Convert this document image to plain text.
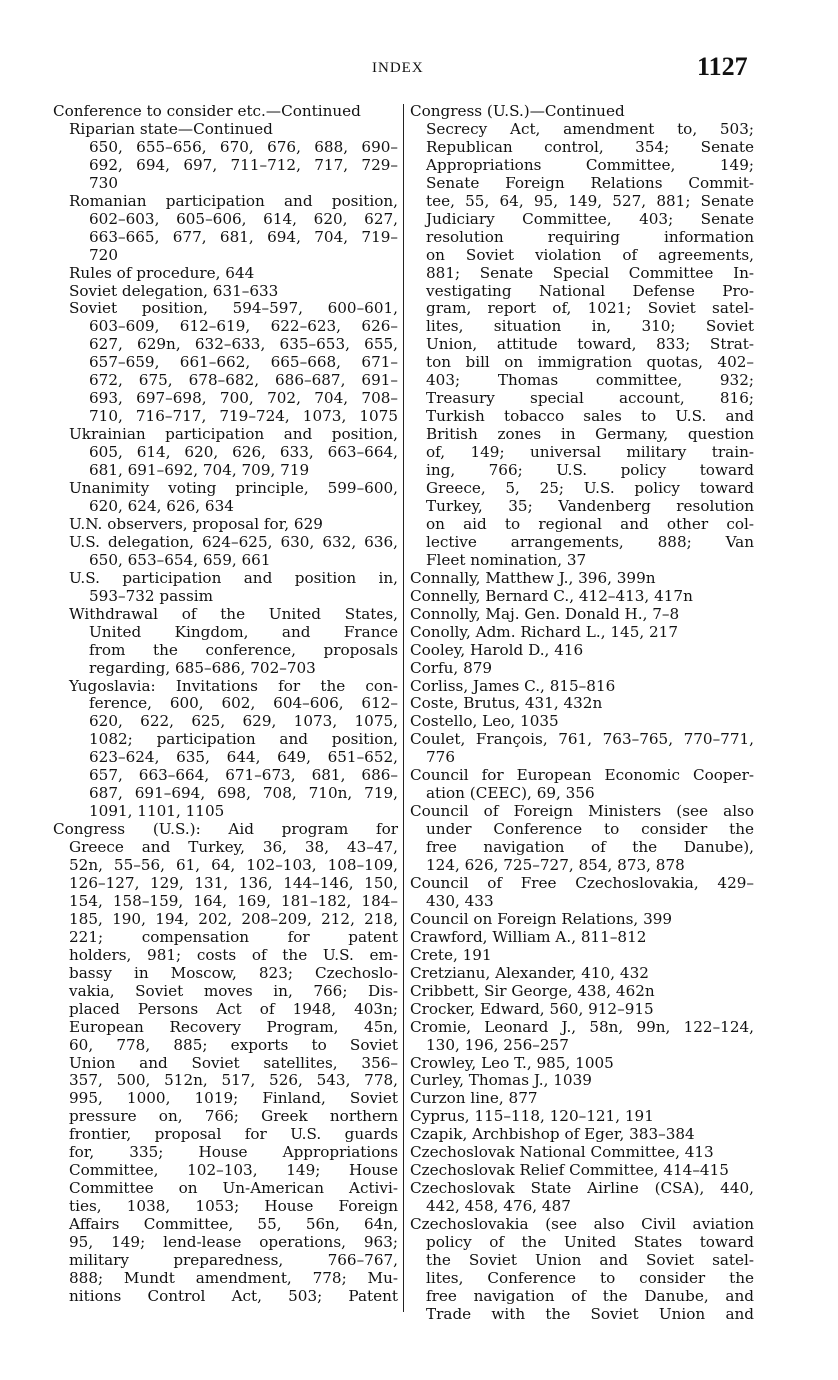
INDEX	1127
Conference to consider etc.—Continued
Riparian state—Continued
650, 655–656, 670, 676, 688, 690–
692, 694, 697, 711–712, 717, 729–
730
Romanian participation and position,
602–603, 605–606, 614, 620, 627,
663–665, 677, 681, 694, 704, 719–
720
Rules of procedure, 644
Soviet delegation, 631–633
Soviet position, 594–597, 600–601,
603–609, 612–619, 622–623, 626–
627, 629n, 632–633, 635–653, 655,
657–659, 661–662, 665–668, 671–
672, 675, 678–682, 686–687, 691–
693, 697–698, 700, 702, 704, 708–
710, 716–717, 719–724, 1073, 1075
Ukrainian participation and position,
605, 614, 620, 626, 633, 663–664,
681, 691–692, 704, 709, 719
Unanimity voting principle, 599–600,
620, 624, 626, 634
U.N. observers, proposal for, 629
U.S. delegation, 624–625, 630, 632, 636,
650, 653–654, 659, 661
U.S. participation and position in,
593–732 passim
Withdrawal of the United States,
United Kingdom, and France
from the conference, proposals
regarding, 685–686, 702–703
Yugoslavia: Invitations for the con-
ference, 600, 602, 604–606, 612–
620, 622, 625, 629, 1073, 1075,
1082; participation and position,
623–624, 635, 644, 649, 651–652,
657, 663–664, 671–673, 681, 686–
687, 691–694, 698, 708, 710n, 719,
1091, 1101, 1105
Congress (U.S.): Aid program for
Greece and Turkey, 36, 38, 43–47,
52n, 55–56, 61, 64, 102–103, 108–109,
126–127, 129, 131, 136, 144–146, 150,
154, 158–159, 164, 169, 181–182, 184–
185, 190, 194, 202, 208–209, 212, 218,
221; compensation for patent
holders, 981; costs of the U.S. em-
bassy in Moscow, 823; Czechoslo-
vakia, Soviet moves in, 766; Dis-
placed Persons Act of 1948, 403n;
European Recovery Program, 45n,
60, 778, 885; exports to Soviet
Union and Soviet satellites, 356–
357, 500, 512n, 517, 526, 543, 778,
995, 1000, 1019; Finland, Soviet
pressure on, 766; Greek northern
frontier, proposal for U.S. guards
for, 335; House Appropriations
Committee, 102–103, 149; House
Committee on Un-American Activi-
ties, 1038, 1053; House Foreign
Affairs Committee, 55, 56n, 64n,
95, 149; lend-lease operations, 963;
military preparedness, 766–767,
888; Mundt amendment, 778; Mu-
nitions Control Act, 503; Patent
Congress (U.S.)—Continued
Secrecy Act, amendment to, 503;
Republican control, 354; Senate
Appropriations Committee, 149;
Senate Foreign Relations Commit-
tee, 55, 64, 95, 149, 527, 881; Senate
Judiciary Committee, 403; Senate
resolution requiring information
on Soviet violation of agreements,
881; Senate Special Committee In-
vestigating National Defense Pro-
gram, report of, 1021; Soviet satel-
lites, situation in, 310; Soviet
Union, attitude toward, 833; Strat-
ton bill on immigration quotas, 402–
403; Thomas committee, 932;
Treasury special account, 816;
Turkish tobacco sales to U.S. and
British zones in Germany, question
of, 149; universal military train-
ing, 766; U.S. policy toward
Greece, 5, 25; U.S. policy toward
Turkey, 35; Vandenberg resolution
on aid to regional and other col-
lective arrangements, 888; Van
Fleet nomination, 37
Connally, Matthew J., 396, 399n
Connelly, Bernard C., 412–413, 417n
Connolly, Maj. Gen. Donald H., 7–8
Conolly, Adm. Richard L., 145, 217
Cooley, Harold D., 416
Corfu, 879
Corliss, James C., 815–816
Coste, Brutus, 431, 432n
Costello, Leo, 1035
Coulet, François, 761, 763–765, 770–771,
776
Council for European Economic Cooper-
ation (CEEC), 69, 356
Council of Foreign Ministers (see also
under Conference to consider the
free navigation of the Danube),
124, 626, 725–727, 854, 873, 878
Council of Free Czechoslovakia, 429–
430, 433
Council on Foreign Relations, 399
Crawford, William A., 811–812
Crete, 191
Cretzianu, Alexander, 410, 432
Cribbett, Sir George, 438, 462n
Crocker, Edward, 560, 912–915
Cromie, Leonard J., 58n, 99n, 122–124,
130, 196, 256–257
Crowley, Leo T., 985, 1005
Curley, Thomas J., 1039
Curzon line, 877
Cyprus, 115–118, 120–121, 191
Czapik, Archbishop of Eger, 383–384
Czechoslovak National Committee, 413
Czechoslovak Relief Committee, 414–415
Czechoslovak State Airline (CSA), 440,
442, 458, 476, 487
Czechoslovakia (see also Civil aviation
policy of the United States toward
the Soviet Union and Soviet satel-
lites, Conference to consider the
free navigation of the Danube, and
Trade with the Soviet Union and
